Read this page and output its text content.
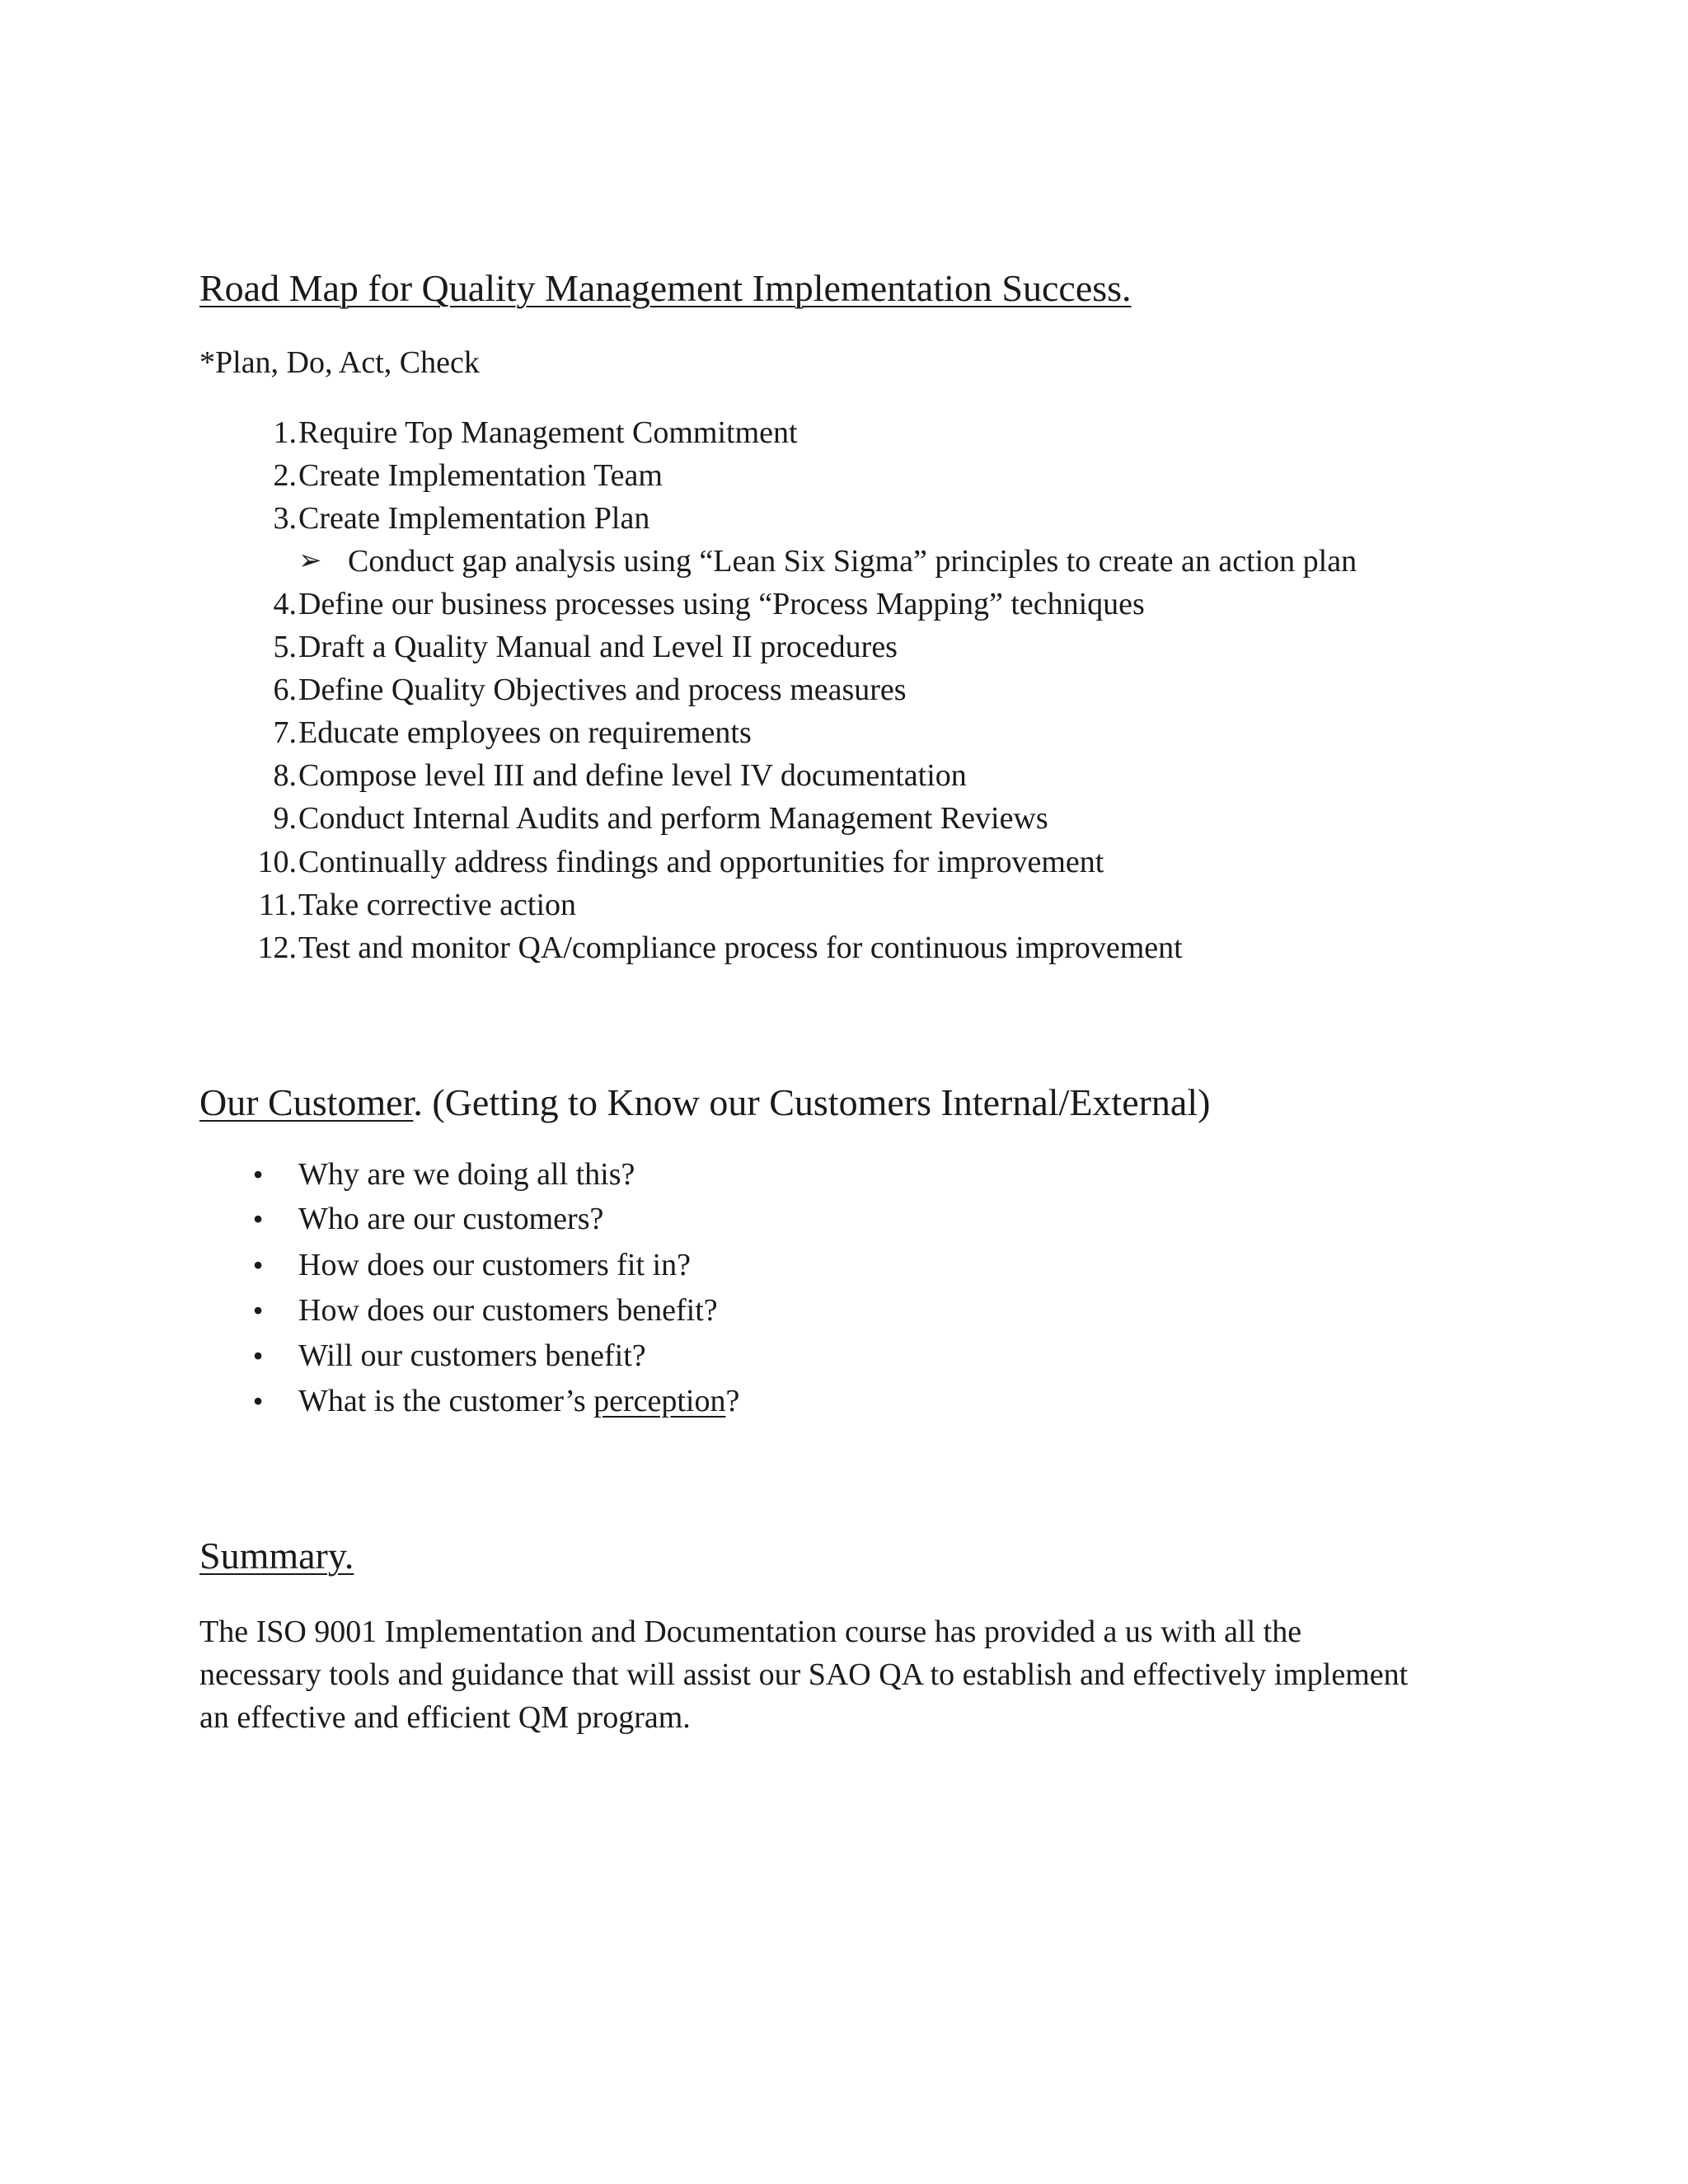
Road Map for Quality Management Implementation Success.
*Plan, Do, Act, Check
1. Require Top Management Commitment
2. Create Implementation Team
3. Create Implementation Plan
➢ Conduct gap analysis using “Lean Six Sigma” principles to create an action plan
4. Define our business processes using “Process Mapping” techniques
5. Draft a Quality Manual and Level II procedures
6. Define Quality Objectives and process measures
7. Educate employees on requirements
8. Compose level III and define level IV documentation
9. Conduct Internal Audits and perform Management Reviews
10. Continually address findings and opportunities for improvement
11. Take corrective action
12. Test and monitor QA/compliance process for continuous improvement
Our Customer. (Getting to Know our Customers Internal/External)
• Why are we doing all this?
• Who are our customers?
• How does our customers fit in?
• How does our customers benefit?
• Will our customers benefit?
• What is the customer’s perception?
Summary.
The ISO 9001 Implementation and Documentation course has provided a us with all the
necessary tools and guidance that will assist our SAO QA to establish and effectively implement
an effective and efficient QM program.
